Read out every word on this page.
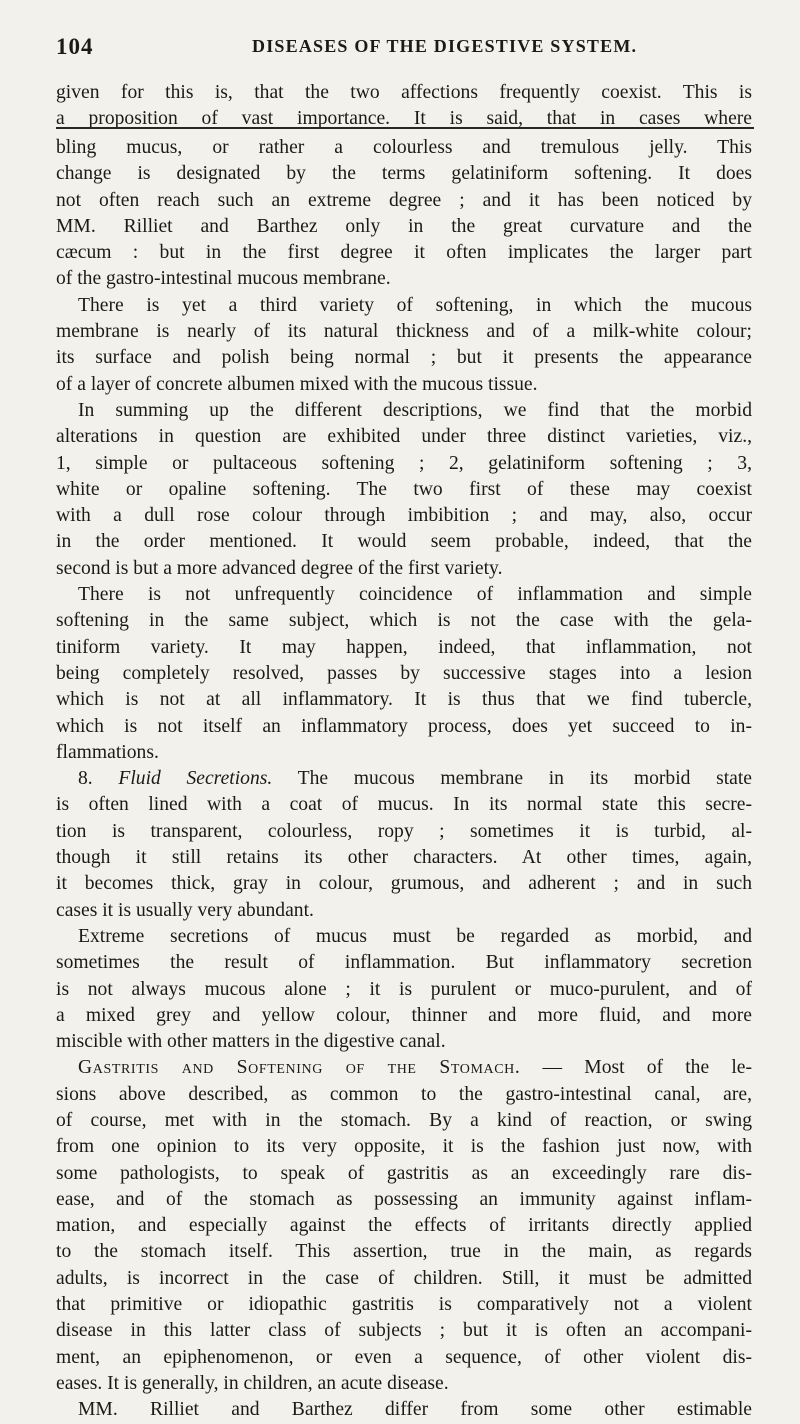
104	DISEASES OF THE DIGESTIVE SYSTEM.
given for this is, that the two affections frequently coexist. This is
a proposition of vast importance. It is said, that in cases where
bling mucus, or rather a colourless and tremulous jelly. This
change is designated by the terms gelatiniform softening. It does
not often reach such an extreme degree ; and it has been noticed by
MM. Rilliet and Barthez only in the great curvature and the
cæcum : but in the first degree it often implicates the larger part
of the gastro-intestinal mucous membrane.
There is yet a third variety of softening, in which the mucous
membrane is nearly of its natural thickness and of a milk-white colour;
its surface and polish being normal ; but it presents the appearance
of a layer of concrete albumen mixed with the mucous tissue.
In summing up the different descriptions, we find that the morbid
alterations in question are exhibited under three distinct varieties, viz.,
1, simple or pultaceous softening ; 2, gelatiniform softening ; 3,
white or opaline softening. The two first of these may coexist
with a dull rose colour through imbibition ; and may, also, occur
in the order mentioned. It would seem probable, indeed, that the
second is but a more advanced degree of the first variety.
There is not unfrequently coincidence of inflammation and simple
softening in the same subject, which is not the case with the gela-
tiniform variety. It may happen, indeed, that inflammation, not
being completely resolved, passes by successive stages into a lesion
which is not at all inflammatory. It is thus that we find tubercle,
which is not itself an inflammatory process, does yet succeed to in-
flammations.
8. Fluid Secretions. The mucous membrane in its morbid state
is often lined with a coat of mucus. In its normal state this secre-
tion is transparent, colourless, ropy ; sometimes it is turbid, al-
though it still retains its other characters. At other times, again,
it becomes thick, gray in colour, grumous, and adherent ; and in such
cases it is usually very abundant.
Extreme secretions of mucus must be regarded as morbid, and
sometimes the result of inflammation. But inflammatory secretion
is not always mucous alone ; it is purulent or muco-purulent, and of
a mixed grey and yellow colour, thinner and more fluid, and more
miscible with other matters in the digestive canal.
Gastritis and Softening of the Stomach. — Most of the le-
sions above described, as common to the gastro-intestinal canal, are,
of course, met with in the stomach. By a kind of reaction, or swing
from one opinion to its very opposite, it is the fashion just now, with
some pathologists, to speak of gastritis as an exceedingly rare dis-
ease, and of the stomach as possessing an immunity against inflam-
mation, and especially against the effects of irritants directly applied
to the stomach itself. This assertion, true in the main, as regards
adults, is incorrect in the case of children. Still, it must be admitted
that primitive or idiopathic gastritis is comparatively not a violent
disease in this latter class of subjects ; but it is often an accompani-
ment, an epiphenomenon, or even a sequence, of other violent dis-
eases. It is generally, in children, an acute disease.
MM. Rilliet and Barthez differ from some other estimable
